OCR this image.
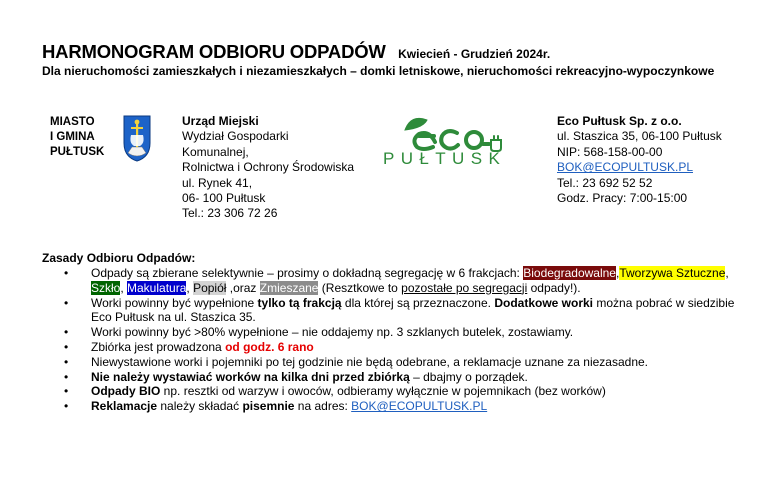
HARMONOGRAM ODBIORU ODPADÓW Kwiecień - Grudzień 2024r.
Dla nieruchomości zamieszkałych i niezamieszkałych – domki letniskowe, nieruchomości rekreacyjno-wypoczynkowe
MIASTO
I GMINA
PUŁTUSK
Urząd Miejski
Wydział Gospodarki
Komunalnej,
Rolnictwa i Ochrony Środowiska
ul. Rynek 41,
06- 100 Pułtusk
Tel.: 23 306 72 26
PUŁTUSK
Eco Pułtusk Sp. z o.o.
ul. Staszica 35, 06-100 Pułtusk
NIP: 568-158-00-00
BOK@ECOPULTUSK.PL
Tel.: 23 692 52 52
Godz. Pracy: 7:00-15:00
Zasady Odbioru Odpadów:
• Odpady są zbierane selektywnie – prosimy o dokładną segregację w 6 frakcjach: Biodegradowalne,Tworzywa Sztuczne, Szkło, Makulatura, Popiół ,oraz Zmieszane (Resztkowe to pozostałe po segregacji odpady!).
• Worki powinny być wypełnione tylko tą frakcją dla której są przeznaczone. Dodatkowe worki można pobrać w siedzibie Eco Pułtusk na ul. Staszica 35.
• Worki powinny być >80% wypełnione – nie oddajemy np. 3 szklanych butelek, zostawiamy.
• Zbiórka jest prowadzona od godz. 6 rano
• Niewystawione worki i pojemniki po tej godzinie nie będą odebrane, a reklamacje uznane za niezasadne.
• Nie należy wystawiać worków na kilka dni przed zbiórką – dbajmy o porządek.
• Odpady BIO np. resztki od warzyw i owoców, odbieramy wyłącznie w pojemnikach (bez worków)
• Reklamacje należy składać pisemnie na adres: BOK@ECOPULTUSK.PL
